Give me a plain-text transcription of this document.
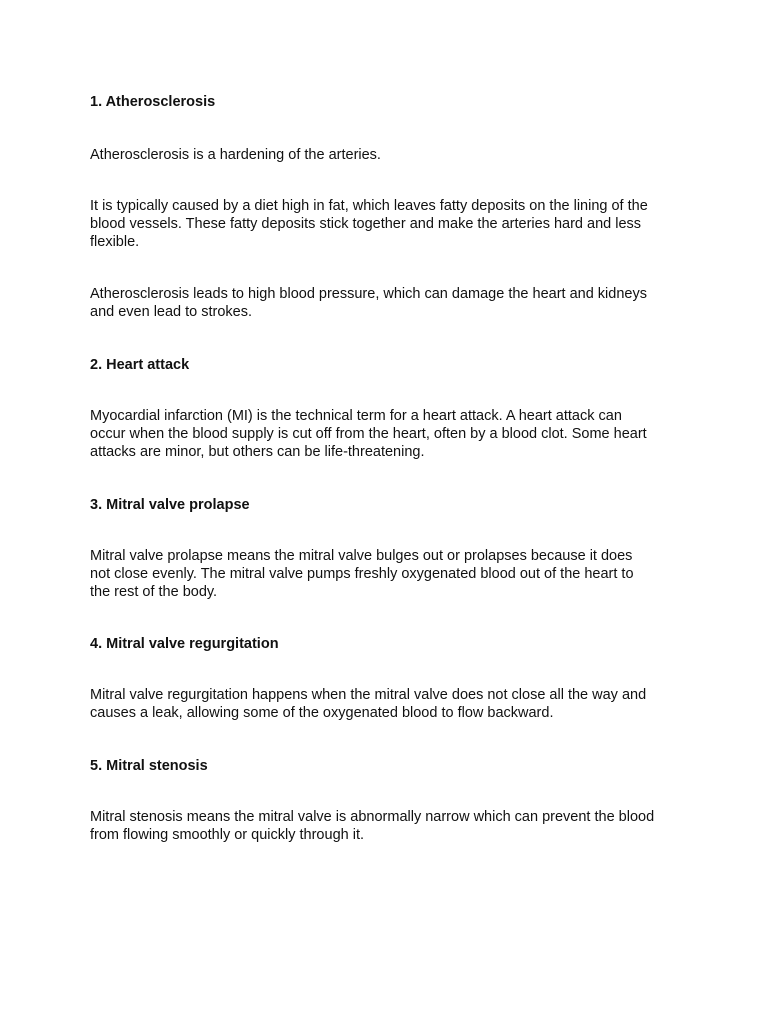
1. Atherosclerosis

Atherosclerosis is a hardening of the arteries.

It is typically caused by a diet high in fat, which leaves fatty deposits on the lining of the
blood vessels. These fatty deposits stick together and make the arteries hard and less
flexible.

Atherosclerosis leads to high blood pressure, which can damage the heart and kidneys
and even lead to strokes.

2. Heart attack

Myocardial infarction (MI) is the technical term for a heart attack. A heart attack can
occur when the blood supply is cut off from the heart, often by a blood clot. Some heart
attacks are minor, but others can be life-threatening.

3. Mitral valve prolapse

Mitral valve prolapse means the mitral valve bulges out or prolapses because it does
not close evenly. The mitral valve pumps freshly oxygenated blood out of the heart to
the rest of the body.

4. Mitral valve regurgitation

Mitral valve regurgitation happens when the mitral valve does not close all the way and
causes a leak, allowing some of the oxygenated blood to flow backward.

5. Mitral stenosis

Mitral stenosis means the mitral valve is abnormally narrow which can prevent the blood
from flowing smoothly or quickly through it.
